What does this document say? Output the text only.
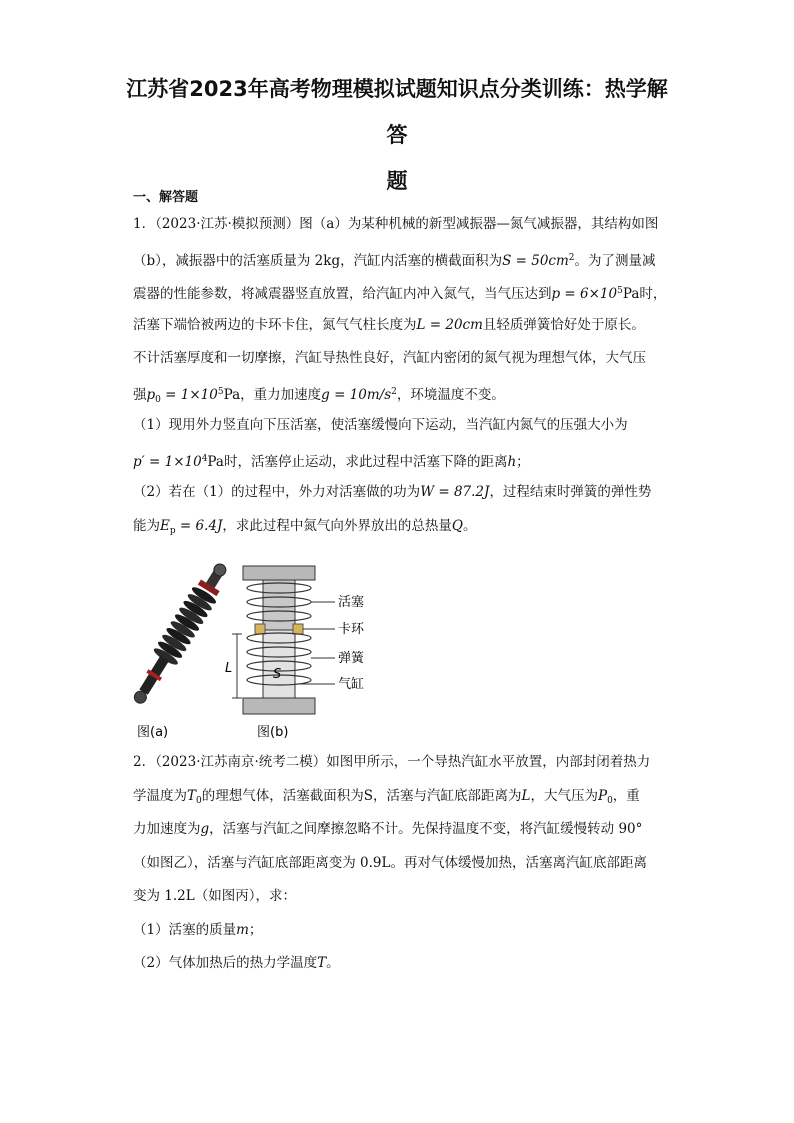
江苏省2023年高考物理模拟试题知识点分类训练：热学解答
题
一、解答题
1．（2023·江苏·模拟预测）图（a）为某种机械的新型减振器—氮气减振器，其结构如图
（b），减振器中的活塞质量为 2kg，汽缸内活塞的横截面积为$S = 50cm^2$。为了测量减
震器的性能参数，将减震器竖直放置，给汽缸内冲入氮气，当气压达到$p = 6\times 10^5Pa$时，
活塞下端恰被两边的卡环卡住，氮气气柱长度为L = 20cm且轻质弹簧恰好处于原长。
不计活塞厚度和一切摩擦，汽缸导热性良好，汽缸内密闭的氮气视为理想气体，大气压
强$p_0 = 1\times 10^5Pa$，重力加速度$g = 10m/s^2$，环境温度不变。
（1）现用外力竖直向下压活塞，使活塞缓慢向下运动，当汽缸内氮气的压强大小为
$p' = 1\times 10^4Pa$时，活塞停止运动，求此过程中活塞下降的距离h；
（2）若在（1）的过程中，外力对活塞做的功为W = 87.2J，过程结束时弹簧的弹性势
能为$E_p = 6.4J$，求此过程中氮气向外界放出的总热量Q。
L	S
活塞
卡环
弹簧
气缸
图(a)	图(b)
2．（2023·江苏南京·统考二模）如图甲所示，一个导热汽缸水平放置，内部封闭着热力
学温度为$T_0$的理想气体，活塞截面积为S，活塞与汽缸底部距离为L，大气压为$P_0$，重
力加速度为g，活塞与汽缸之间摩擦忽略不计。先保持温度不变，将汽缸缓慢转动 90°
（如图乙），活塞与汽缸底部距离变为 0.9L。再对气体缓慢加热，活塞离汽缸底部距离
变为 1.2L（如图丙），求：
（1）活塞的质量m；
（2）气体加热后的热力学温度T。
